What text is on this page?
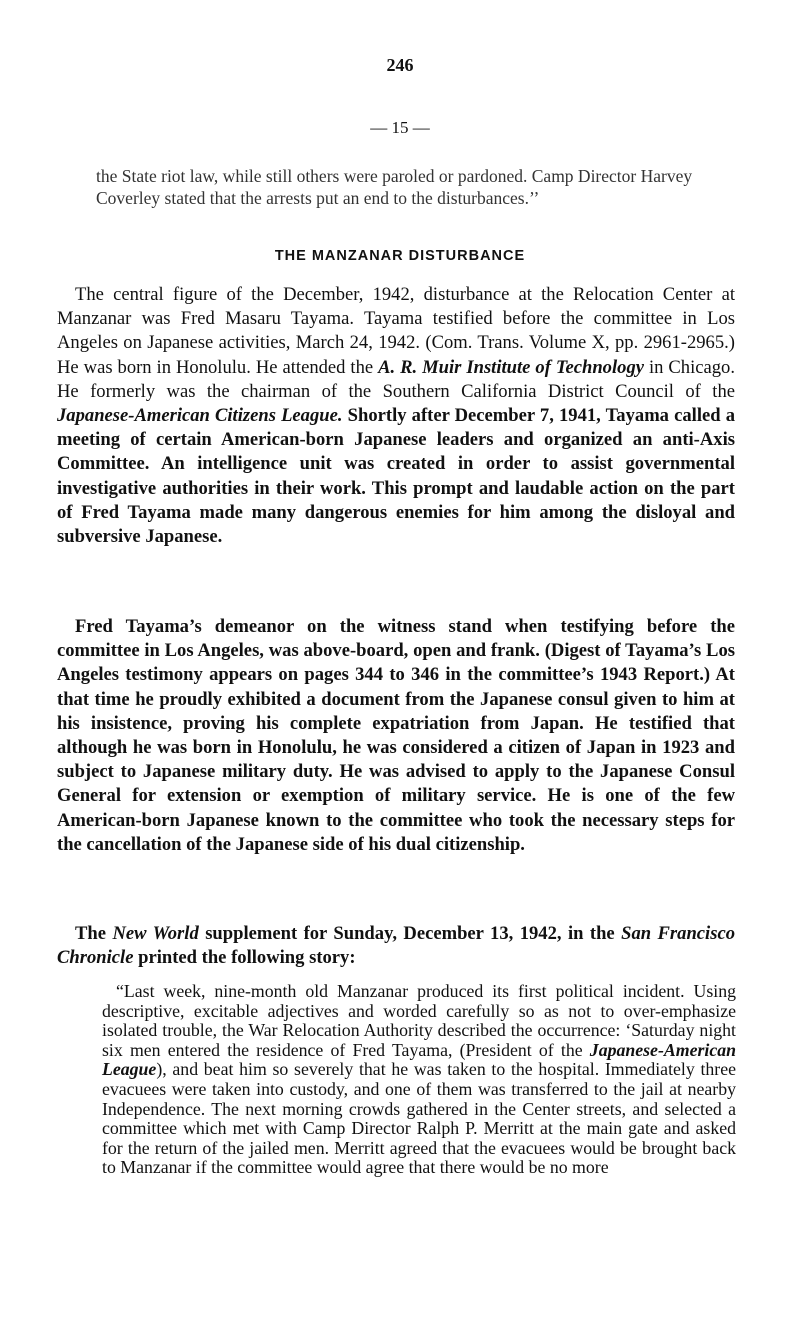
246
— 15 —
the State riot law, while still others were paroled or pardoned. Camp Director Harvey Coverley stated that the arrests put an end to the disturbances.’’
THE MANZANAR DISTURBANCE

The central figure of the December, 1942, disturbance at the Relocation Center at Manzanar was Fred Masaru Tayama. Tayama testified before the committee in Los Angeles on Japanese activities, March 24, 1942. (Com. Trans. Volume X, pp. 2961-2965.) He was born in Honolulu. He attended the A. R. Muir Institute of Technology in Chicago. He formerly was the chairman of the Southern California District Council of the Japanese-American Citizens League. Shortly after December 7, 1941, Tayama called a meeting of certain American-born Japanese leaders and organized an anti-Axis Committee. An intelligence unit was created in order to assist governmental investigative authorities in their work. This prompt and laudable action on the part of Fred Tayama made many dangerous enemies for him among the disloyal and subversive Japanese.

Fred Tayama’s demeanor on the witness stand when testifying before the committee in Los Angeles, was above-board, open and frank. (Digest of Tayama’s Los Angeles testimony appears on pages 344 to 346 in the committee’s 1943 Report.) At that time he proudly exhibited a document from the Japanese consul given to him at his insistence, proving his complete expatriation from Japan. He testified that although he was born in Honolulu, he was considered a citizen of Japan in 1923 and subject to Japanese military duty. He was advised to apply to the Japanese Consul General for extension or exemption of military service. He is one of the few American-born Japanese known to the committee who took the necessary steps for the cancellation of the Japanese side of his dual citizenship.

The New World supplement for Sunday, December 13, 1942, in the San Francisco Chronicle printed the following story:

“Last week, nine-month old Manzanar produced its first political incident. Using descriptive, excitable adjectives and worded carefully so as not to over-emphasize isolated trouble, the War Relocation Authority described the occurrence: ‘Saturday night six men entered the residence of Fred Tayama, (President of the Japanese-American League), and beat him so severely that he was taken to the hospital. Immediately three evacuees were taken into custody, and one of them was transferred to the jail at nearby Independence. The next morning crowds gathered in the Center streets, and selected a committee which met with Camp Director Ralph P. Merritt at the main gate and asked for the return of the jailed men. Merritt agreed that the evacuees would be brought back to Manzanar if the committee would agree that there would be no more
